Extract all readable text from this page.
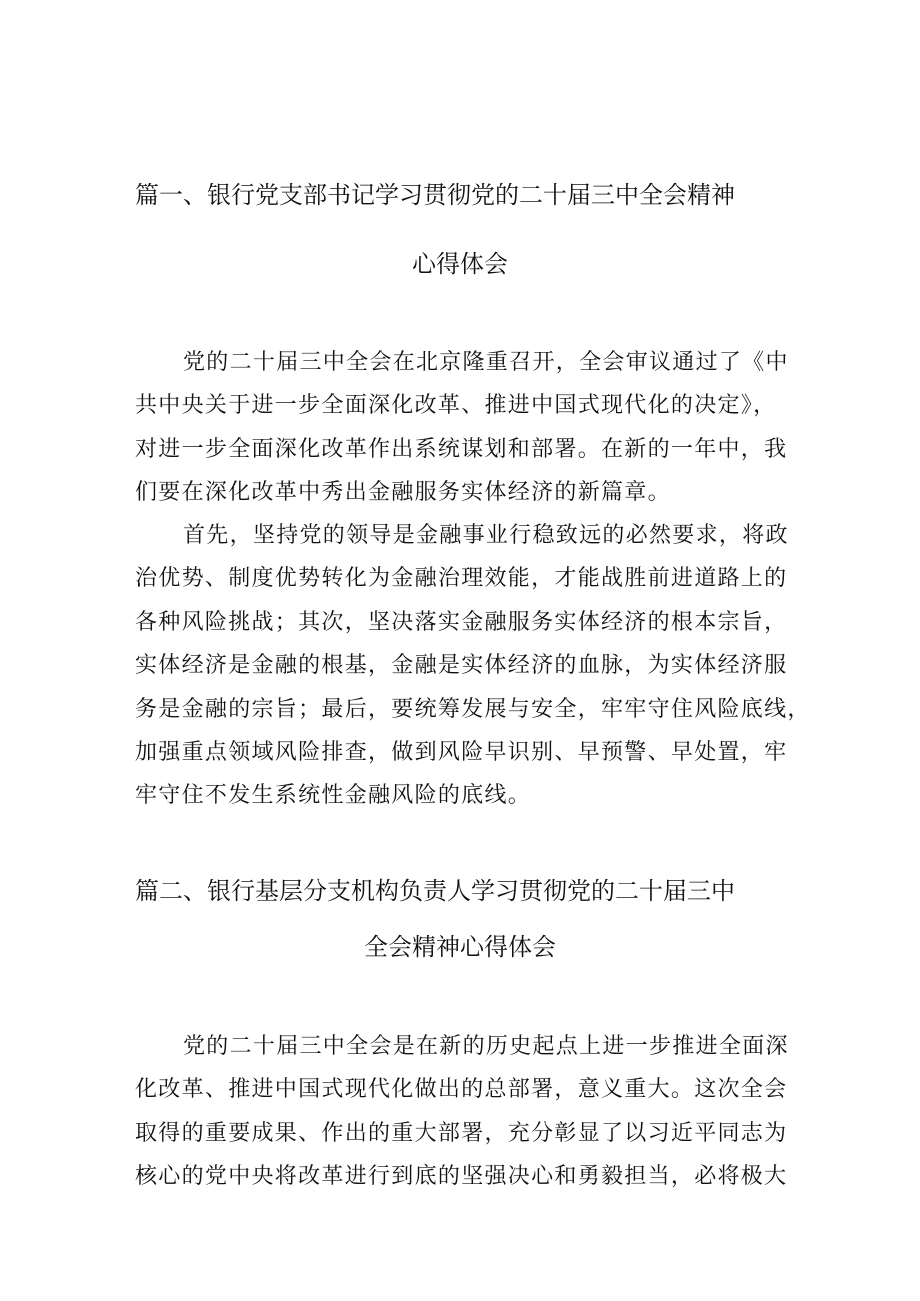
篇一、银行党支部书记学习贯彻党的二十届三中全会精神
心得体会
党的二十届三中全会在北京隆重召开，全会审议通过了《中
共中央关于进一步全面深化改革、推进中国式现代化的决定》，
对进一步全面深化改革作出系统谋划和部署。在新的一年中，我
们要在深化改革中秀出金融服务实体经济的新篇章。
首先，坚持党的领导是金融事业行稳致远的必然要求，将政
治优势、制度优势转化为金融治理效能，才能战胜前进道路上的
各种风险挑战；其次，坚决落实金融服务实体经济的根本宗旨，
实体经济是金融的根基，金融是实体经济的血脉，为实体经济服
务是金融的宗旨；最后，要统筹发展与安全，牢牢守住风险底线，
加强重点领域风险排查，做到风险早识别、早预警、早处置，牢
牢守住不发生系统性金融风险的底线。
篇二、银行基层分支机构负责人学习贯彻党的二十届三中
全会精神心得体会
党的二十届三中全会是在新的历史起点上进一步推进全面深
化改革、推进中国式现代化做出的总部署，意义重大。这次全会
取得的重要成果、作出的重大部署，充分彰显了以习近平同志为
核心的党中央将改革进行到底的坚强决心和勇毅担当，必将极大
